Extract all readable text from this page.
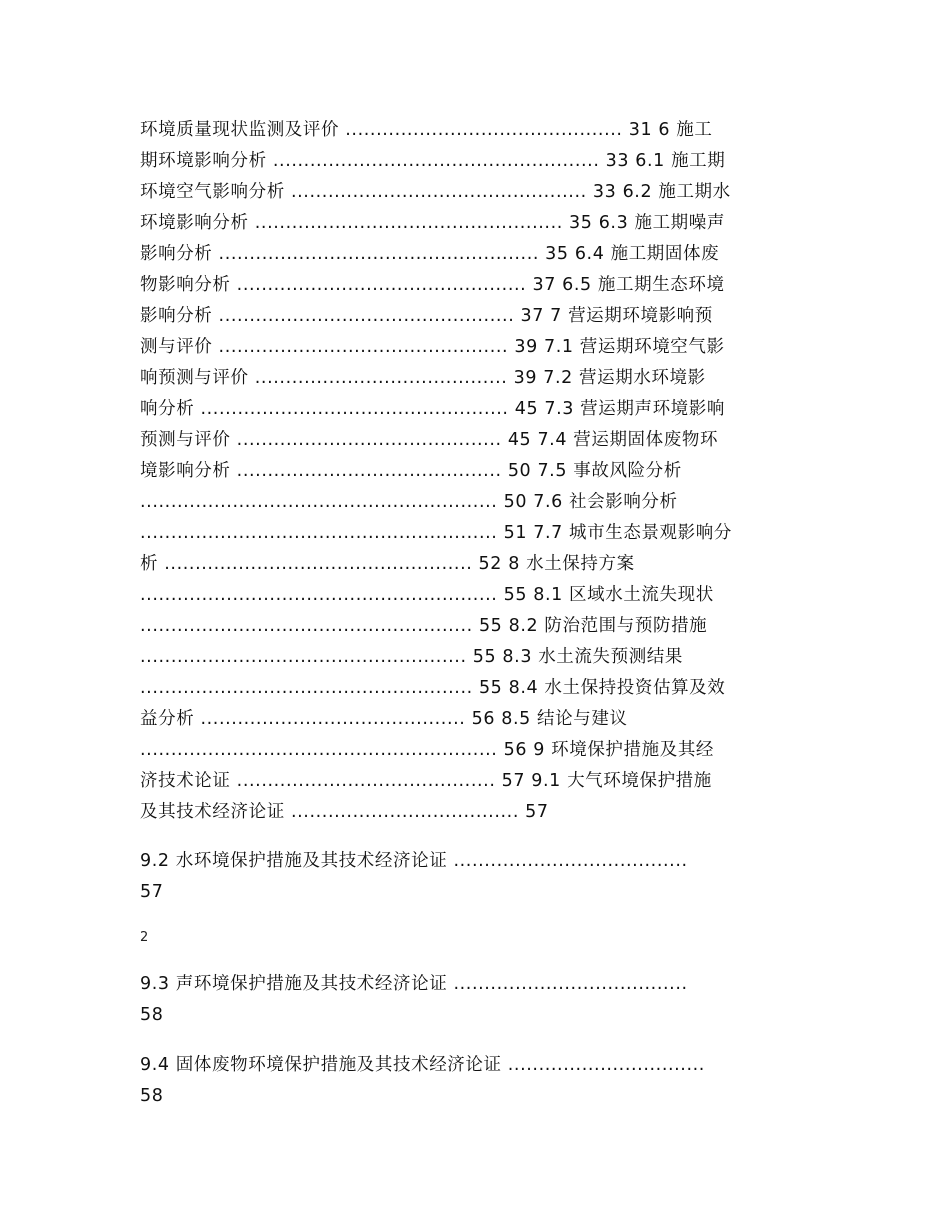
环境质量现状监测及评价 ............................................. 31 6 施工
期环境影响分析 ..................................................... 33 6.1 施工期
环境空气影响分析 ................................................ 33 6.2 施工期水
环境影响分析 .................................................. 35 6.3 施工期噪声
影响分析 .................................................... 35 6.4 施工期固体废
物影响分析 ............................................... 37 6.5 施工期生态环境
影响分析 ................................................ 37 7 营运期环境影响预
测与评价 ............................................... 39 7.1 营运期环境空气影
响预测与评价 ......................................... 39 7.2 营运期水环境影
响分析 .................................................. 45 7.3 营运期声环境影响
预测与评价 ........................................... 45 7.4 营运期固体废物环
境影响分析 ........................................... 50 7.5 事故风险分析
.......................................................... 50 7.6 社会影响分析
.......................................................... 51 7.7 城市生态景观影响分
析 .................................................. 52 8 水土保持方案
.......................................................... 55 8.1 区域水土流失现状
...................................................... 55 8.2 防治范围与预防措施
..................................................... 55 8.3 水土流失预测结果
...................................................... 55 8.4 水土保持投资估算及效
益分析 ........................................... 56 8.5 结论与建议
.......................................................... 56 9 环境保护措施及其经
济技术论证 .......................................... 57 9.1 大气环境保护措施
及其技术经济论证 ..................................... 57
9.2 水环境保护措施及其技术经济论证 ......................................
57
2
9.3 声环境保护措施及其技术经济论证 ......................................
58
9.4 固体废物环境保护措施及其技术经济论证 ................................
58
